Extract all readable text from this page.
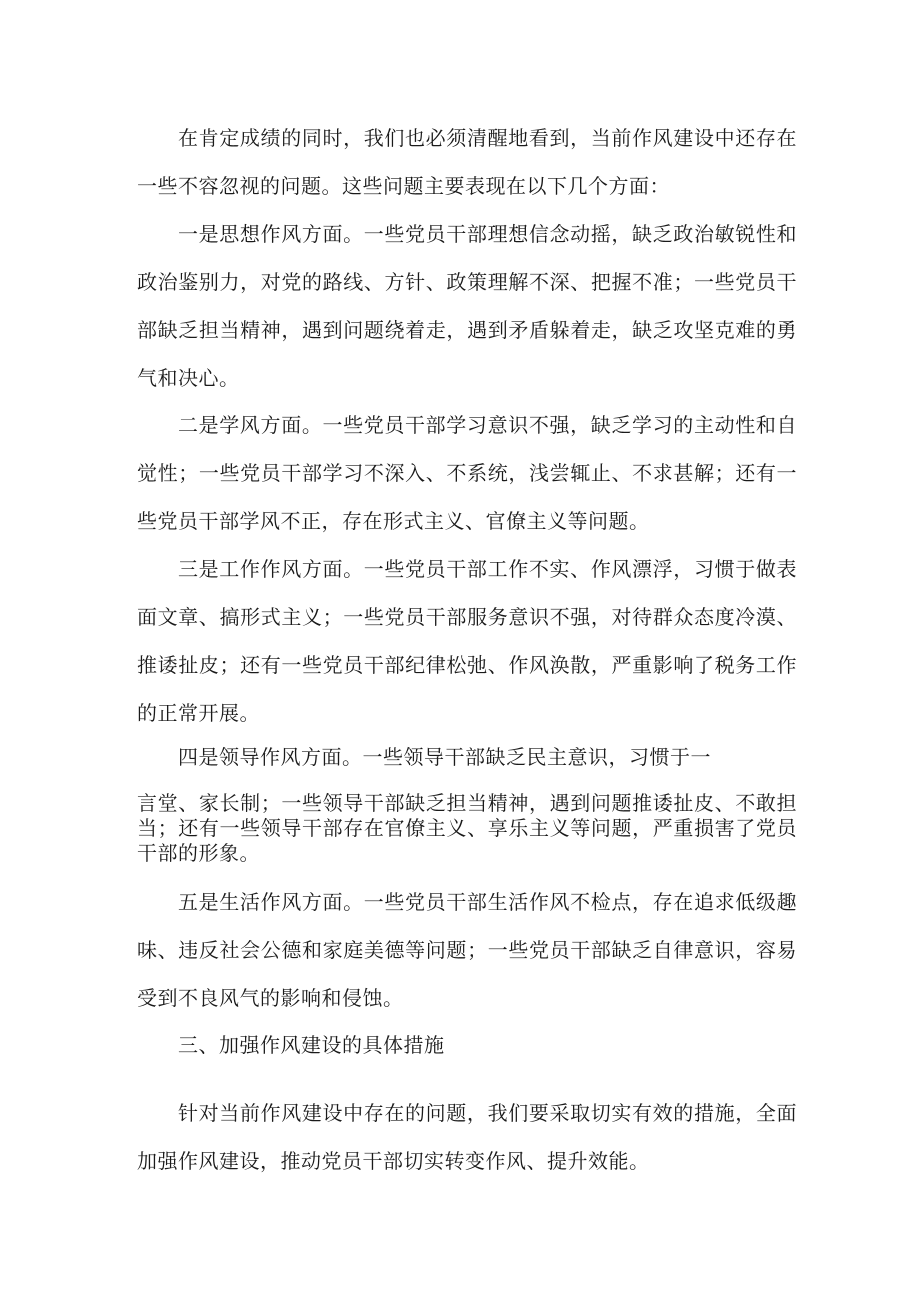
在肯定成绩的同时，我们也必须清醒地看到，当前作风建设中还存在一些不容忽视的问题。这些问题主要表现在以下几个方面：

一是思想作风方面。一些党员干部理想信念动摇，缺乏政治敏锐性和政治鉴别力，对党的路线、方针、政策理解不深、把握不准；一些党员干部缺乏担当精神，遇到问题绕着走，遇到矛盾躲着走，缺乏攻坚克难的勇气和决心。

二是学风方面。一些党员干部学习意识不强，缺乏学习的主动性和自觉性；一些党员干部学习不深入、不系统，浅尝辄止、不求甚解；还有一些党员干部学风不正，存在形式主义、官僚主义等问题。

三是工作作风方面。一些党员干部工作不实、作风漂浮，习惯于做表面文章、搞形式主义；一些党员干部服务意识不强，对待群众态度冷漠、推诿扯皮；还有一些党员干部纪律松弛、作风涣散，严重影响了税务工作的正常开展。

四是领导作风方面。一些领导干部缺乏民主意识，习惯于一

言堂、家长制；一些领导干部缺乏担当精神，遇到问题推诿扯皮、不敢担当；还有一些领导干部存在官僚主义、享乐主义等问题，严重损害了党员干部的形象。

五是生活作风方面。一些党员干部生活作风不检点，存在追求低级趣味、违反社会公德和家庭美德等问题；一些党员干部缺乏自律意识，容易受到不良风气的影响和侵蚀。

三、加强作风建设的具体措施

针对当前作风建设中存在的问题，我们要采取切实有效的措施，全面加强作风建设，推动党员干部切实转变作风、提升效能。
